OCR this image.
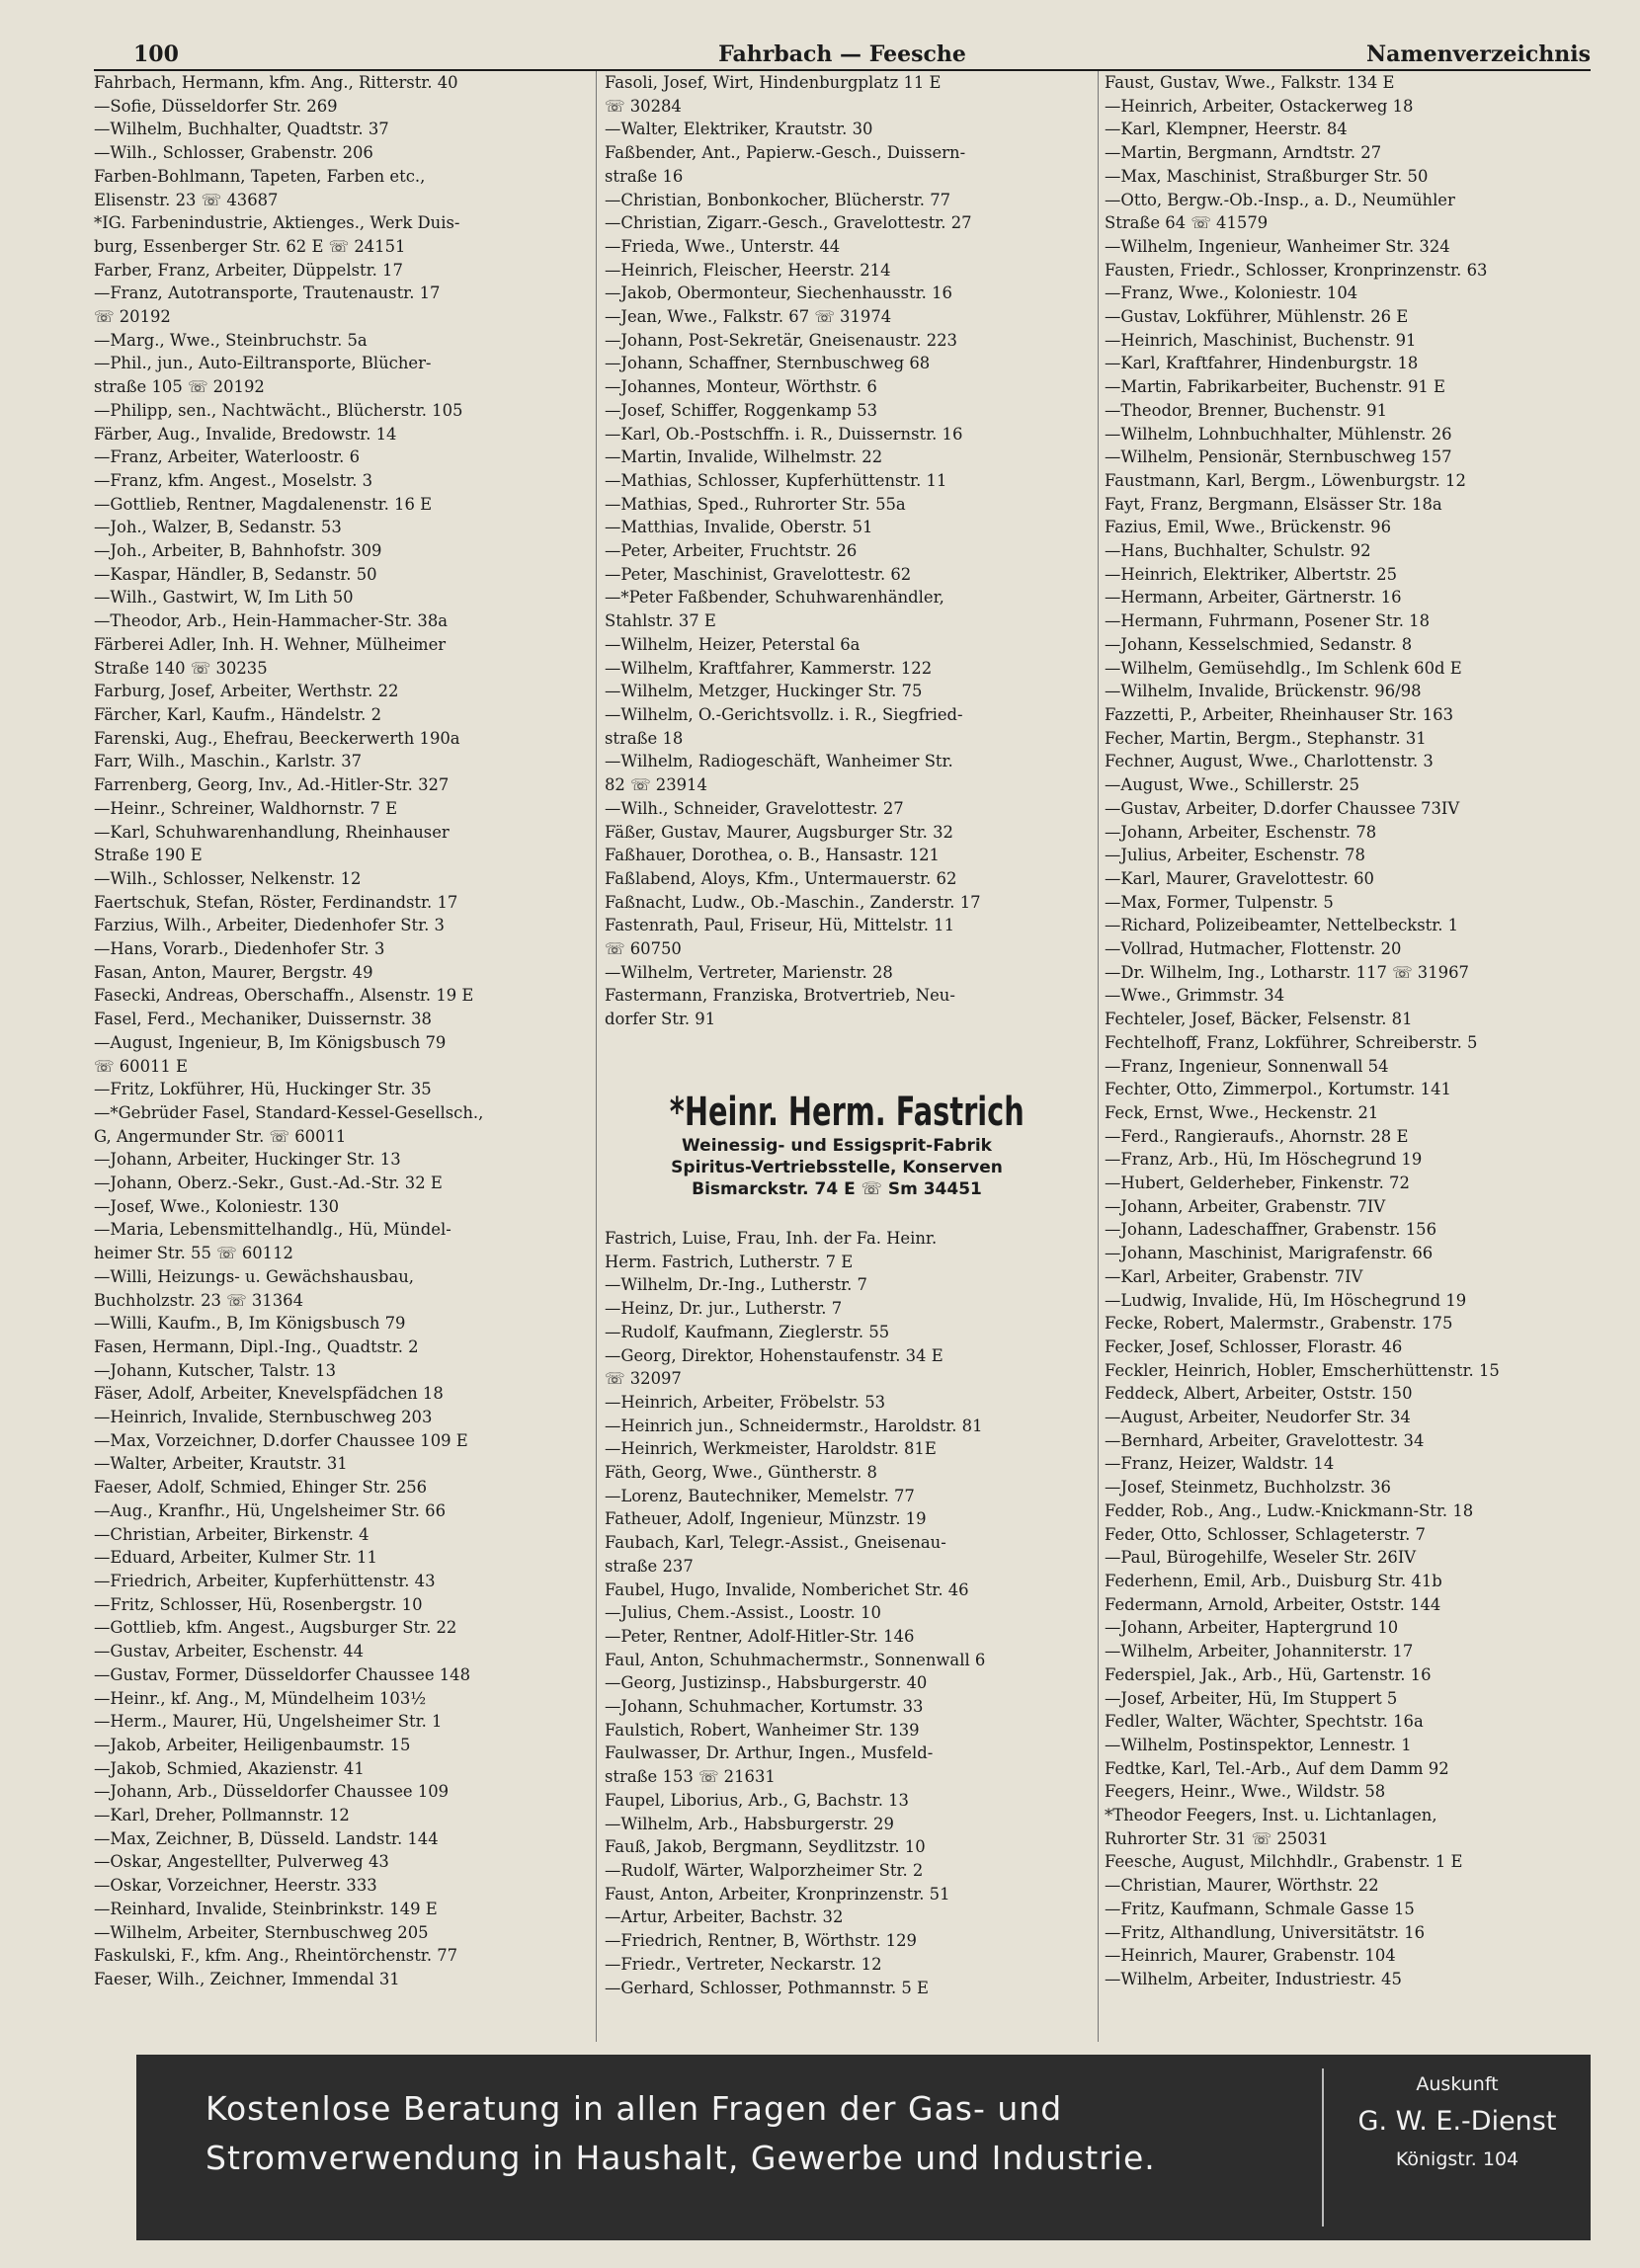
100	Fahrbach — Feesche	Namenverzeichnis
Fahrbach, Hermann, kfm. Ang., Ritterstr. 40
—Sofie, Düsseldorfer Str. 269
—Wilhelm, Buchhalter, Quadtstr. 37
—Wilh., Schlosser, Grabenstr. 206
Farben-Bohlmann, Tapeten, Farben etc.,
Elisenstr. 23 ☏ 43687
*IG. Farbenindustrie, Aktienges., Werk Duis-
burg, Essenberger Str. 62 E ☏ 24151
Farber, Franz, Arbeiter, Düppelstr. 17
—Franz, Autotransporte, Trautenaustr. 17
☏ 20192
—Marg., Wwe., Steinbruchstr. 5a
—Phil., jun., Auto-Eiltransporte, Blücher-
straße 105 ☏ 20192
—Philipp, sen., Nachtwächt., Blücherstr. 105
Färber, Aug., Invalide, Bredowstr. 14
—Franz, Arbeiter, Waterloostr. 6
—Franz, kfm. Angest., Moselstr. 3
—Gottlieb, Rentner, Magdalenenstr. 16 E
—Joh., Walzer, B, Sedanstr. 53
—Joh., Arbeiter, B, Bahnhofstr. 309
—Kaspar, Händler, B, Sedanstr. 50
—Wilh., Gastwirt, W, Im Lith 50
—Theodor, Arb., Hein-Hammacher-Str. 38a
Färberei Adler, Inh. H. Wehner, Mülheimer
Straße 140 ☏ 30235
Farburg, Josef, Arbeiter, Werthstr. 22
Färcher, Karl, Kaufm., Händelstr. 2
Farenski, Aug., Ehefrau, Beeckerwerth 190a
Farr, Wilh., Maschin., Karlstr. 37
Farrenberg, Georg, Inv., Ad.-Hitler-Str. 327
—Heinr., Schreiner, Waldhornstr. 7 E
—Karl, Schuhwarenhandlung, Rheinhauser
Straße 190 E
—Wilh., Schlosser, Nelkenstr. 12
Faertschuk, Stefan, Röster, Ferdinandstr. 17
Farzius, Wilh., Arbeiter, Diedenhofer Str. 3
—Hans, Vorarb., Diedenhofer Str. 3
Fasan, Anton, Maurer, Bergstr. 49
Fasecki, Andreas, Oberschaffn., Alsenstr. 19 E
Fasel, Ferd., Mechaniker, Duissernstr. 38
—August, Ingenieur, B, Im Königsbusch 79
☏ 60011 E
—Fritz, Lokführer, Hü, Huckinger Str. 35
—*Gebrüder Fasel, Standard-Kessel-Gesellsch.,
G, Angermunder Str. ☏ 60011
—Johann, Arbeiter, Huckinger Str. 13
—Johann, Oberz.-Sekr., Gust.-Ad.-Str. 32 E
—Josef, Wwe., Koloniestr. 130
—Maria, Lebensmittelhandlg., Hü, Mündel-
heimer Str. 55 ☏ 60112
—Willi, Heizungs- u. Gewächshausbau,
Buchholzstr. 23 ☏ 31364
—Willi, Kaufm., B, Im Königsbusch 79
Fasen, Hermann, Dipl.-Ing., Quadtstr. 2
—Johann, Kutscher, Talstr. 13
Fäser, Adolf, Arbeiter, Knevelspfädchen 18
—Heinrich, Invalide, Sternbuschweg 203
—Max, Vorzeichner, D.dorfer Chaussee 109 E
—Walter, Arbeiter, Krautstr. 31
Faeser, Adolf, Schmied, Ehinger Str. 256
—Aug., Kranfhr., Hü, Ungelsheimer Str. 66
—Christian, Arbeiter, Birkenstr. 4
—Eduard, Arbeiter, Kulmer Str. 11
—Friedrich, Arbeiter, Kupferhüttenstr. 43
—Fritz, Schlosser, Hü, Rosenbergstr. 10
—Gottlieb, kfm. Angest., Augsburger Str. 22
—Gustav, Arbeiter, Eschenstr. 44
—Gustav, Former, Düsseldorfer Chaussee 148
—Heinr., kf. Ang., M, Mündelheim 103½
—Herm., Maurer, Hü, Ungelsheimer Str. 1
—Jakob, Arbeiter, Heiligenbaumstr. 15
—Jakob, Schmied, Akazienstr. 41
—Johann, Arb., Düsseldorfer Chaussee 109
—Karl, Dreher, Pollmannstr. 12
—Max, Zeichner, B, Düsseld. Landstr. 144
—Oskar, Angestellter, Pulverweg 43
—Oskar, Vorzeichner, Heerstr. 333
—Reinhard, Invalide, Steinbrinkstr. 149 E
—Wilhelm, Arbeiter, Sternbuschweg 205
Faskulski, F., kfm. Ang., Rheintörchenstr. 77
Faeser, Wilh., Zeichner, Immendal 31
Fasoli, Josef, Wirt, Hindenburgplatz 11 E
☏ 30284
—Walter, Elektriker, Krautstr. 30
Faßbender, Ant., Papierw.-Gesch., Duissern-
straße 16
—Christian, Bonbonkocher, Blücherstr. 77
—Christian, Zigarr.-Gesch., Gravelottestr. 27
—Frieda, Wwe., Unterstr. 44
—Heinrich, Fleischer, Heerstr. 214
—Jakob, Obermonteur, Siechenhausstr. 16
—Jean, Wwe., Falkstr. 67 ☏ 31974
—Johann, Post-Sekretär, Gneisenaustr. 223
—Johann, Schaffner, Sternbuschweg 68
—Johannes, Monteur, Wörthstr. 6
—Josef, Schiffer, Roggenkamp 53
—Karl, Ob.-Postschffn. i. R., Duissernstr. 16
—Martin, Invalide, Wilhelmstr. 22
—Mathias, Schlosser, Kupferhüttenstr. 11
—Mathias, Sped., Ruhrorter Str. 55a
—Matthias, Invalide, Oberstr. 51
—Peter, Arbeiter, Fruchtstr. 26
—Peter, Maschinist, Gravelottestr. 62
—*Peter Faßbender, Schuhwarenhändler,
Stahlstr. 37 E
—Wilhelm, Heizer, Peterstal 6a
—Wilhelm, Kraftfahrer, Kammerstr. 122
—Wilhelm, Metzger, Huckinger Str. 75
—Wilhelm, O.-Gerichtsvollz. i. R., Siegfried-
straße 18
—Wilhelm, Radiogeschäft, Wanheimer Str.
82 ☏ 23914
—Wilh., Schneider, Gravelottestr. 27
Fäßer, Gustav, Maurer, Augsburger Str. 32
Faßhauer, Dorothea, o. B., Hansastr. 121
Faßlabend, Aloys, Kfm., Untermauerstr. 62
Faßnacht, Ludw., Ob.-Maschin., Zanderstr. 17
Fastenrath, Paul, Friseur, Hü, Mittelstr. 11
☏ 60750
—Wilhelm, Vertreter, Marienstr. 28
Fastermann, Franziska, Brotvertrieb, Neu-
dorfer Str. 91
*Heinr. Herm. Fastrich
Weinessig- und Essigsprit-Fabrik
Spiritus-Vertriebsstelle, Konserven
Bismarckstr. 74 E ☏ Sm 34451
Fastrich, Luise, Frau, Inh. der Fa. Heinr.
Herm. Fastrich, Lutherstr. 7 E
—Wilhelm, Dr.-Ing., Lutherstr. 7
—Heinz, Dr. jur., Lutherstr. 7
—Rudolf, Kaufmann, Zieglerstr. 55
—Georg, Direktor, Hohenstaufenstr. 34 E
☏ 32097
—Heinrich, Arbeiter, Fröbelstr. 53
—Heinrich jun., Schneidermstr., Haroldstr. 81
—Heinrich, Werkmeister, Haroldstr. 81E
Fäth, Georg, Wwe., Güntherstr. 8
—Lorenz, Bautechniker, Memelstr. 77
Fatheuer, Adolf, Ingenieur, Münzstr. 19
Faubach, Karl, Telegr.-Assist., Gneisenau-
straße 237
Faubel, Hugo, Invalide, Nomberichet Str. 46
—Julius, Chem.-Assist., Loostr. 10
—Peter, Rentner, Adolf-Hitler-Str. 146
Faul, Anton, Schuhmachermstr., Sonnenwall 6
—Georg, Justizinsp., Habsburgerstr. 40
—Johann, Schuhmacher, Kortumstr. 33
Faulstich, Robert, Wanheimer Str. 139
Faulwasser, Dr. Arthur, Ingen., Musfeld-
straße 153 ☏ 21631
Faupel, Liborius, Arb., G, Bachstr. 13
—Wilhelm, Arb., Habsburgerstr. 29
Fauß, Jakob, Bergmann, Seydlitzstr. 10
—Rudolf, Wärter, Walporzheimer Str. 2
Faust, Anton, Arbeiter, Kronprinzenstr. 51
—Artur, Arbeiter, Bachstr. 32
—Friedrich, Rentner, B, Wörthstr. 129
—Friedr., Vertreter, Neckarstr. 12
—Gerhard, Schlosser, Pothmannstr. 5 E
Faust, Gustav, Wwe., Falkstr. 134 E
—Heinrich, Arbeiter, Ostackerweg 18
—Karl, Klempner, Heerstr. 84
—Martin, Bergmann, Arndtstr. 27
—Max, Maschinist, Straßburger Str. 50
—Otto, Bergw.-Ob.-Insp., a. D., Neumühler
Straße 64 ☏ 41579
—Wilhelm, Ingenieur, Wanheimer Str. 324
Fausten, Friedr., Schlosser, Kronprinzenstr. 63
—Franz, Wwe., Koloniestr. 104
—Gustav, Lokführer, Mühlenstr. 26 E
—Heinrich, Maschinist, Buchenstr. 91
—Karl, Kraftfahrer, Hindenburgstr. 18
—Martin, Fabrikarbeiter, Buchenstr. 91 E
—Theodor, Brenner, Buchenstr. 91
—Wilhelm, Lohnbuchhalter, Mühlenstr. 26
—Wilhelm, Pensionär, Sternbuschweg 157
Faustmann, Karl, Bergm., Löwenburgstr. 12
Fayt, Franz, Bergmann, Elsässer Str. 18a
Fazius, Emil, Wwe., Brückenstr. 96
—Hans, Buchhalter, Schulstr. 92
—Heinrich, Elektriker, Albertstr. 25
—Hermann, Arbeiter, Gärtnerstr. 16
—Hermann, Fuhrmann, Posener Str. 18
—Johann, Kesselschmied, Sedanstr. 8
—Wilhelm, Gemüsehdlg., Im Schlenk 60d E
—Wilhelm, Invalide, Brückenstr. 96/98
Fazzetti, P., Arbeiter, Rheinhauser Str. 163
Fecher, Martin, Bergm., Stephanstr. 31
Fechner, August, Wwe., Charlottenstr. 3
—August, Wwe., Schillerstr. 25
—Gustav, Arbeiter, D.dorfer Chaussee 73IV
—Johann, Arbeiter, Eschenstr. 78
—Julius, Arbeiter, Eschenstr. 78
—Karl, Maurer, Gravelottestr. 60
—Max, Former, Tulpenstr. 5
—Richard, Polizeibeamter, Nettelbeckstr. 1
—Vollrad, Hutmacher, Flottenstr. 20
—Dr. Wilhelm, Ing., Lotharstr. 117 ☏ 31967
—Wwe., Grimmstr. 34
Fechteler, Josef, Bäcker, Felsenstr. 81
Fechtelhoff, Franz, Lokführer, Schreiberstr. 5
—Franz, Ingenieur, Sonnenwall 54
Fechter, Otto, Zimmerpol., Kortumstr. 141
Feck, Ernst, Wwe., Heckenstr. 21
—Ferd., Rangieraufs., Ahornstr. 28 E
—Franz, Arb., Hü, Im Höschegrund 19
—Hubert, Gelderheber, Finkenstr. 72
—Johann, Arbeiter, Grabenstr. 7IV
—Johann, Ladeschaffner, Grabenstr. 156
—Johann, Maschinist, Marigrafenstr. 66
—Karl, Arbeiter, Grabenstr. 7IV
—Ludwig, Invalide, Hü, Im Höschegrund 19
Fecke, Robert, Malermstr., Grabenstr. 175
Fecker, Josef, Schlosser, Florastr. 46
Feckler, Heinrich, Hobler, Emscherhüttenstr. 15
Feddeck, Albert, Arbeiter, Oststr. 150
—August, Arbeiter, Neudorfer Str. 34
—Bernhard, Arbeiter, Gravelottestr. 34
—Franz, Heizer, Waldstr. 14
—Josef, Steinmetz, Buchholzstr. 36
Fedder, Rob., Ang., Ludw.-Knickmann-Str. 18
Feder, Otto, Schlosser, Schlageterstr. 7
—Paul, Bürogehilfe, Weseler Str. 26IV
Federhenn, Emil, Arb., Duisburg Str. 41b
Federmann, Arnold, Arbeiter, Oststr. 144
—Johann, Arbeiter, Haptergrund 10
—Wilhelm, Arbeiter, Johanniterstr. 17
Federspiel, Jak., Arb., Hü, Gartenstr. 16
—Josef, Arbeiter, Hü, Im Stuppert 5
Fedler, Walter, Wächter, Spechtstr. 16a
—Wilhelm, Postinspektor, Lennestr. 1
Fedtke, Karl, Tel.-Arb., Auf dem Damm 92
Feegers, Heinr., Wwe., Wildstr. 58
*Theodor Feegers, Inst. u. Lichtanlagen,
Ruhrorter Str. 31 ☏ 25031
Feesche, August, Milchhdlr., Grabenstr. 1 E
—Christian, Maurer, Wörthstr. 22
—Fritz, Kaufmann, Schmale Gasse 15
—Fritz, Althandlung, Universitätstr. 16
—Heinrich, Maurer, Grabenstr. 104
—Wilhelm, Arbeiter, Industriestr. 45
Kostenlose Beratung in allen Fragen der Gas- und
Stromverwendung in Haushalt, Gewerbe und Industrie.
Auskunft
G. W. E.-Dienst
Königstr. 104
